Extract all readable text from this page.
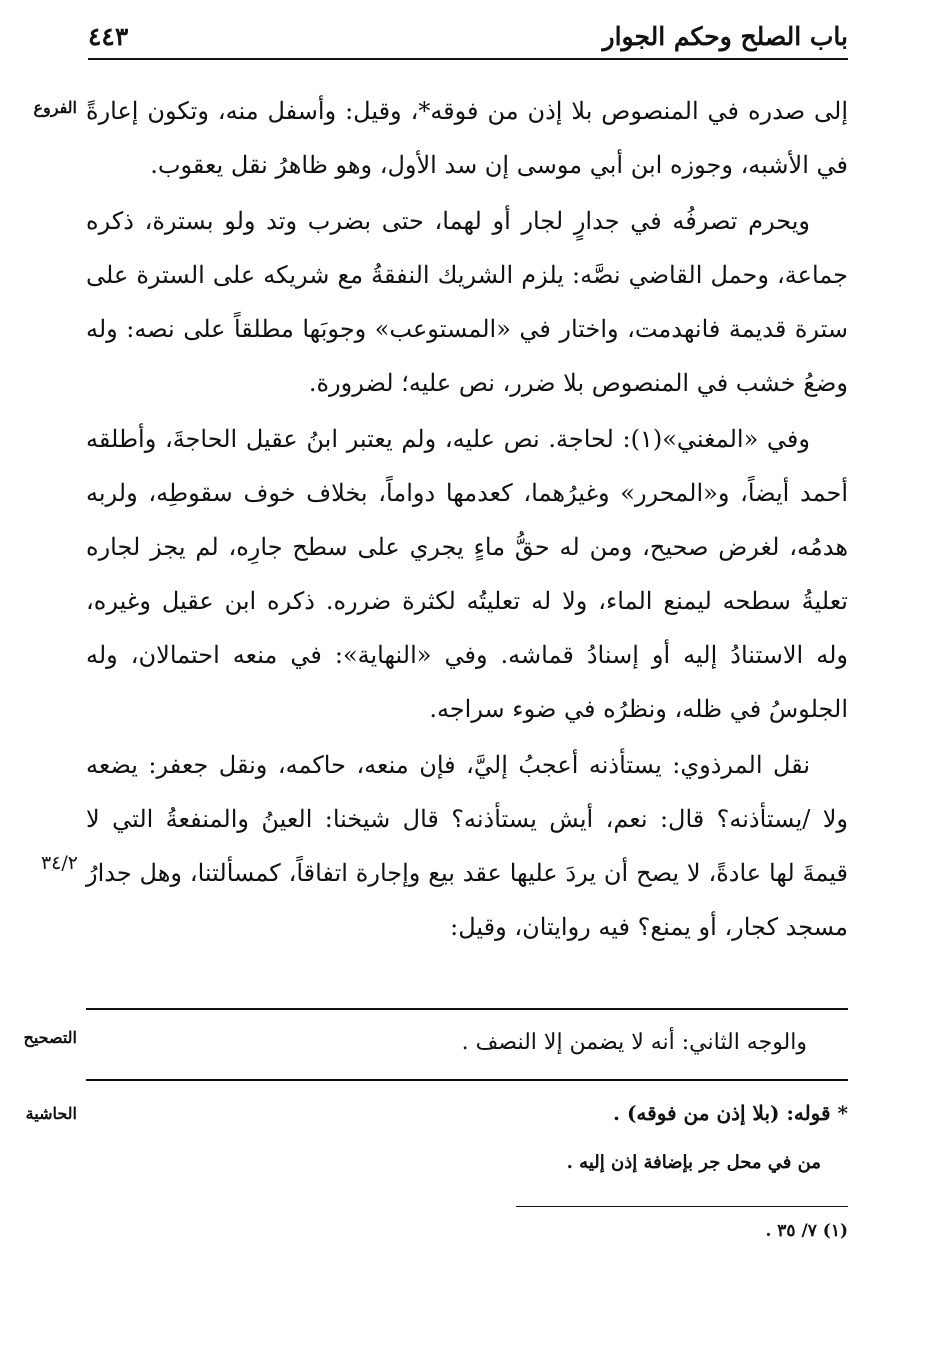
باب الصلح وحكم الجوار
٤٤٣
الفروع
٣٤/٢
التصحيح
الحاشية

إلى صدره في المنصوص بلا إذن من فوقه*، وقيل: وأسفل منه، وتكون إعارةً في الأشبه، وجوزه ابن أبي موسى إن سد الأول، وهو ظاهرُ نقل يعقوب.

ويحرم تصرفُه في جدارٍ لجار أو لهما، حتى بضرب وتد ولو بسترة، ذكره جماعة، وحمل القاضي نصَّه: يلزم الشريك النفقةُ مع شريكه على السترة على سترة قديمة فانهدمت، واختار في «المستوعب» وجوبَها مطلقاً على نصه: وله وضعُ خشب في المنصوص بلا ضرر، نص عليه؛ لضرورة.

وفي «المغني»(١): لحاجة. نص عليه، ولم يعتبر ابنُ عقيل الحاجةَ، وأطلقه أحمد أيضاً، و«المحرر» وغيرُهما، كعدمها دواماً، بخلاف خوف سقوطِه، ولربه هدمُه، لغرض صحيح، ومن له حقُّ ماءٍ يجري على سطح جارِه، لم يجز لجاره تعليةُ سطحه ليمنع الماء، ولا له تعليتُه لكثرة ضرره. ذكره ابن عقيل وغيره، وله الاستنادُ إليه أو إسنادُ قماشه. وفي «النهاية»: في منعه احتمالان، وله الجلوسُ في ظله، ونظرُه في ضوء سراجه.

نقل المرذوي: يستأذنه أعجبُ إليَّ، فإن منعه، حاكمه، ونقل جعفر: يضعه ولا /يستأذنه؟ قال: نعم، أيش يستأذنه؟ قال شيخنا: العينُ والمنفعةُ التي لا قيمةَ لها عادةً، لا يصح أن يردَ عليها عقد بيع وإجارة اتفاقاً، كمسألتنا، وهل جدارُ مسجد كجار، أو يمنع؟ فيه روايتان، وقيل:

والوجه الثاني: أنه لا يضمن إلا النصف .
* قوله: (بلا إذن من فوقه) .
من في محل جر بإضافة إذن إليه .
(١) ٧/ ٣٥ .
